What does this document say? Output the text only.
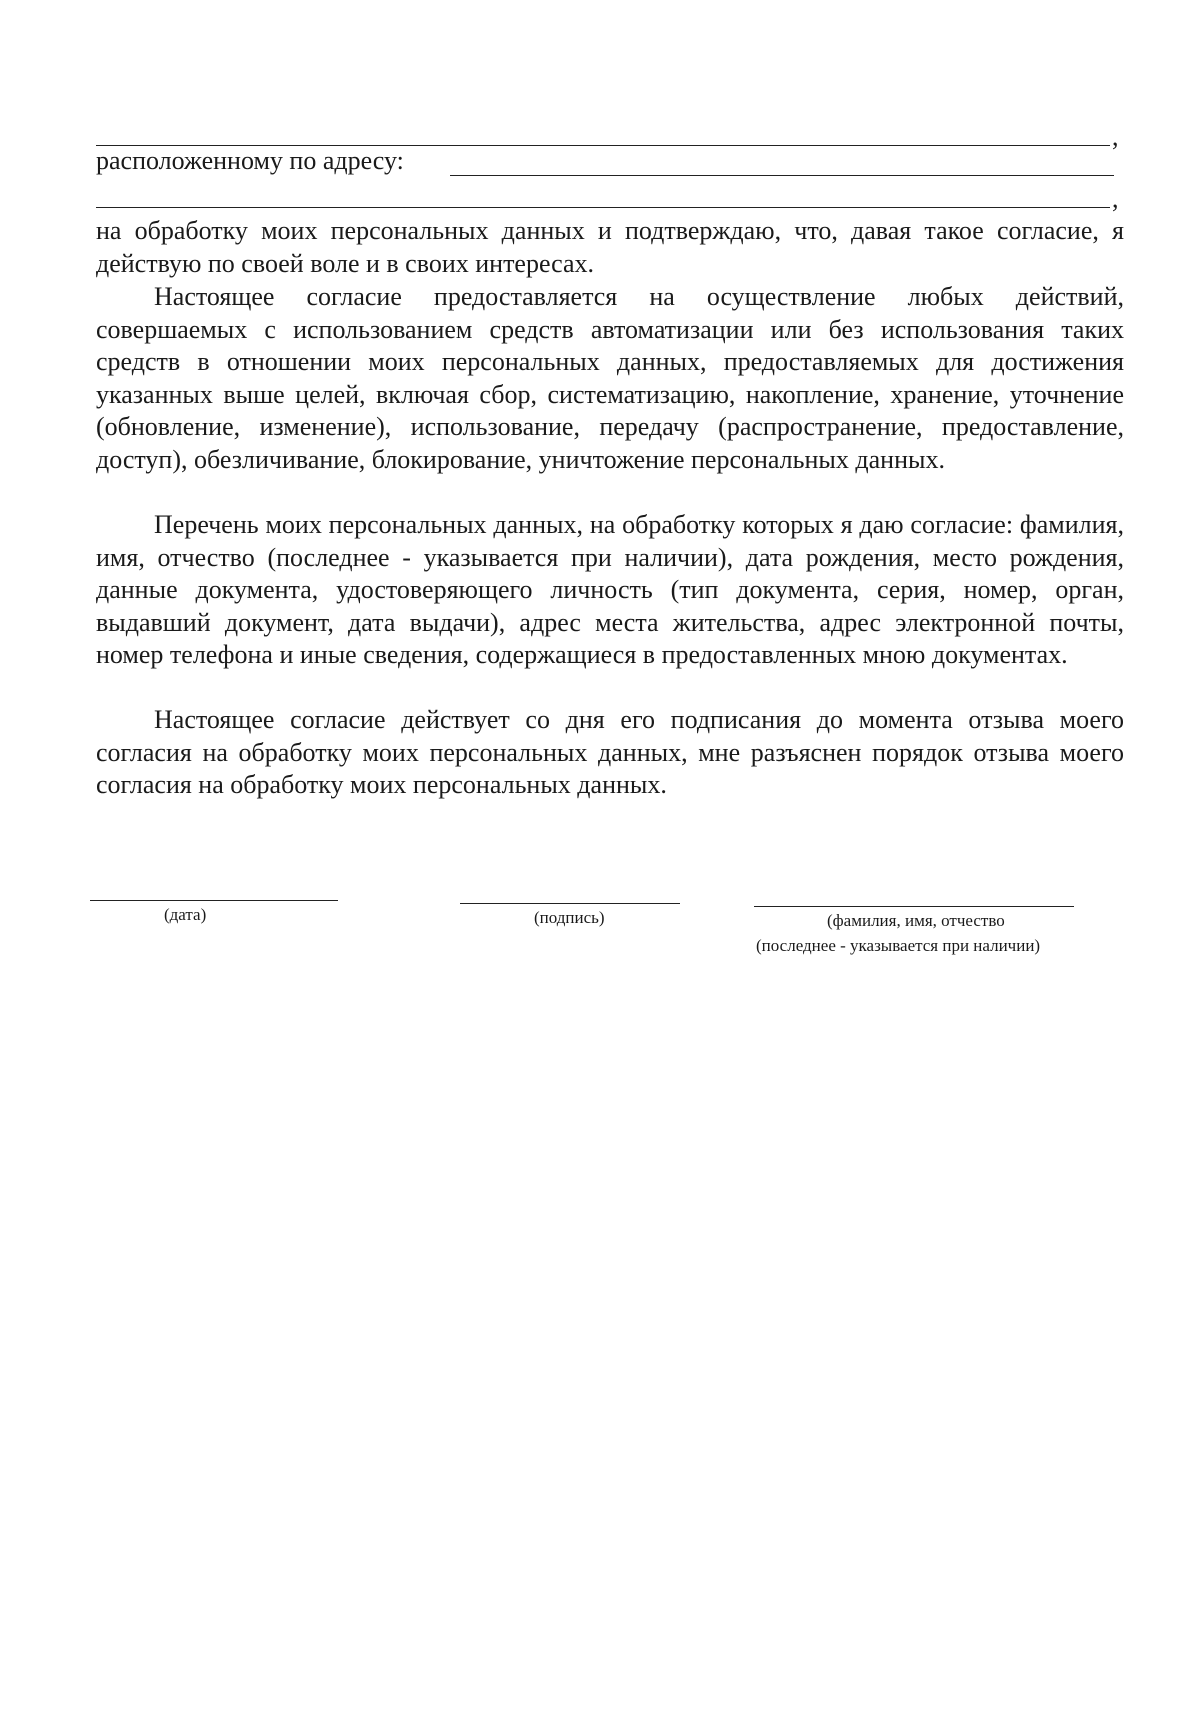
,
расположенному по адресу:
,

на обработку моих персональных данных и подтверждаю, что, давая такое согласие, я действую по своей воле и в своих интересах.

Настоящее согласие предоставляется на осуществление любых действий, совершаемых с использованием средств автоматизации или без использования таких средств в отношении моих персональных данных, предоставляемых для достижения указанных выше целей, включая сбор, систематизацию, накопление, хранение, уточнение (обновление, изменение), использование, передачу (распространение, предоставление, доступ), обезличивание, блокирование, уничтожение персональных данных.

Перечень моих персональных данных, на обработку которых я даю согласие: фамилия, имя, отчество (последнее - указывается при наличии), дата рождения, место рождения, данные документа, удостоверяющего личность (тип документа, серия, номер, орган, выдавший документ, дата выдачи), адрес места жительства, адрес электронной почты, номер телефона и иные сведения, содержащиеся в предоставленных мною документах.

Настоящее согласие действует со дня его подписания до момента отзыва моего согласия на обработку моих персональных данных, мне разъяснен порядок отзыва моего согласия на обработку моих персональных данных.

(дата)	(подпись)	(фамилия, имя, отчество
(последнее - указывается при наличии)
